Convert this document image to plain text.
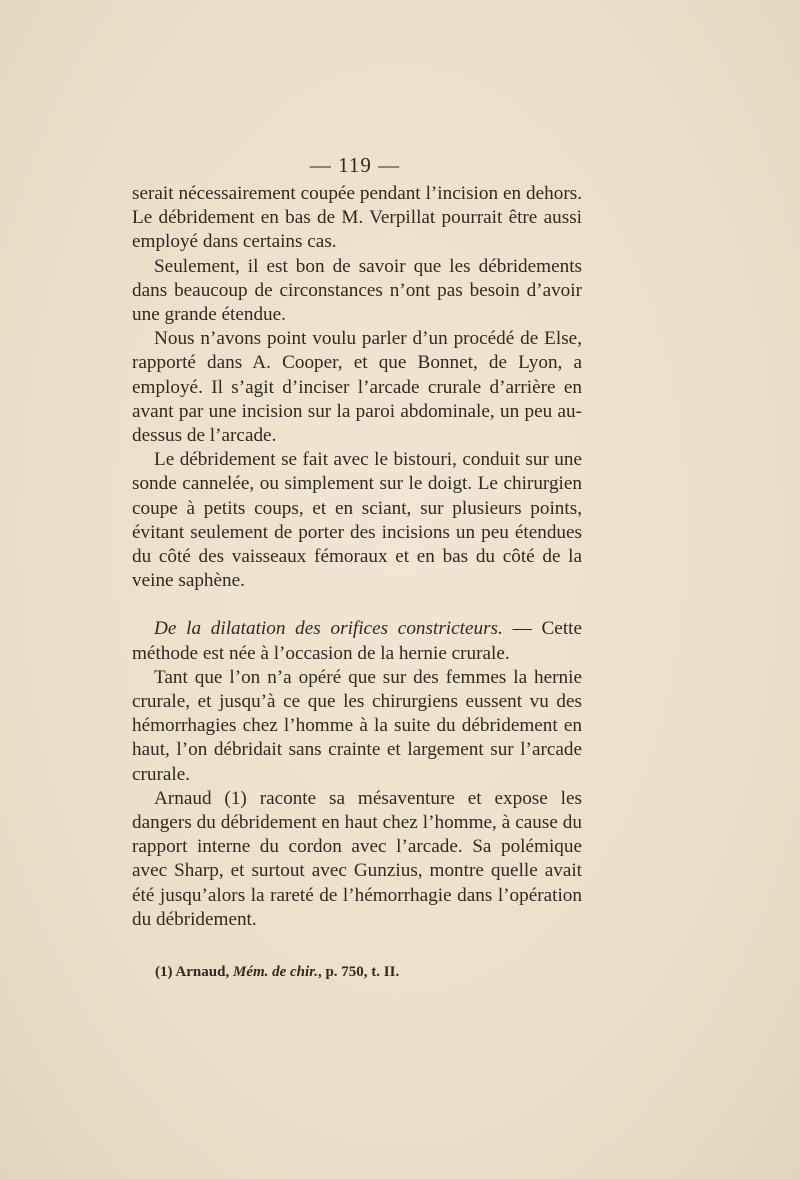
— 119 —

serait nécessairement coupée pendant l’incision en dehors. Le débridement en bas de M. Verpillat pourrait être aussi employé dans certains cas.

Seulement, il est bon de savoir que les débridements dans beaucoup de circonstances n’ont pas besoin d’avoir une grande étendue.

Nous n’avons point voulu parler d’un procédé de Else, rapporté dans A. Cooper, et que Bonnet, de Lyon, a employé. Il s’agit d’inciser l’arcade crurale d’arrière en avant par une incision sur la paroi abdominale, un peu au-dessus de l’arcade.

Le débridement se fait avec le bistouri, conduit sur une sonde cannelée, ou simplement sur le doigt. Le chirurgien coupe à petits coups, et en sciant, sur plusieurs points, évitant seulement de porter des incisions un peu étendues du côté des vaisseaux fémoraux et en bas du côté de la veine saphène.

De la dilatation des orifices constricteurs. — Cette méthode est née à l’occasion de la hernie crurale.

Tant que l’on n’a opéré que sur des femmes la hernie crurale, et jusqu’à ce que les chirurgiens eussent vu des hémorrhagies chez l’homme à la suite du débridement en haut, l’on débridait sans crainte et largement sur l’arcade crurale.

Arnaud (1) raconte sa mésaventure et expose les dangers du débridement en haut chez l’homme, à cause du rapport interne du cordon avec l’arcade. Sa polémique avec Sharp, et surtout avec Gunzius, montre quelle avait été jusqu’alors la rareté de l’hémorrhagie dans l’opération du débridement.

(1) Arnaud, Mém. de chir., p. 750, t. II.
